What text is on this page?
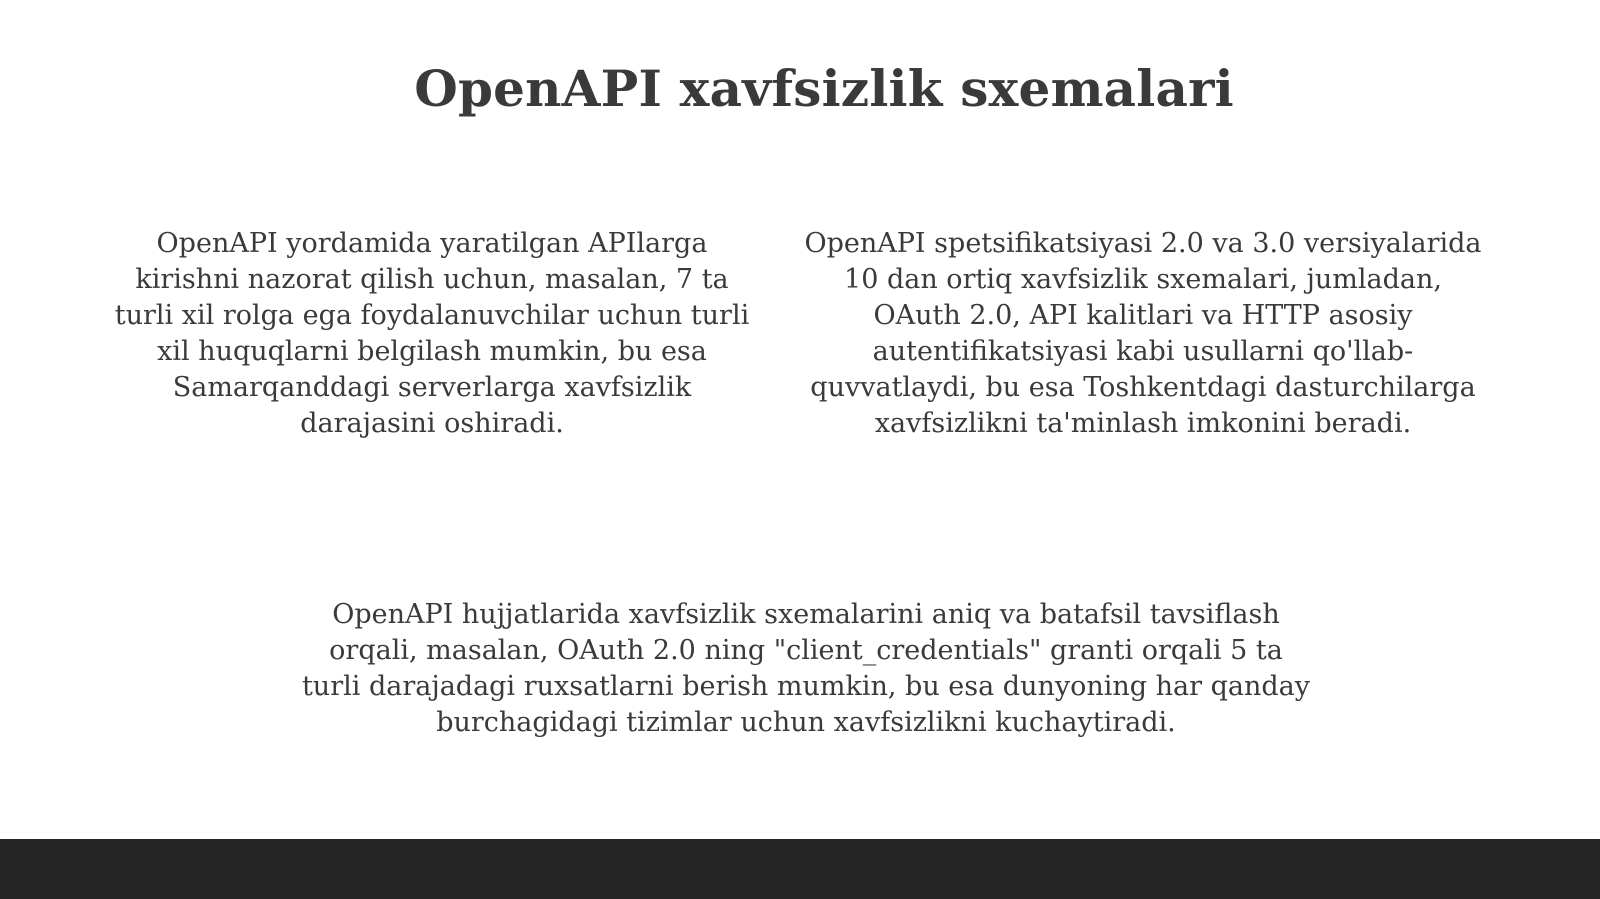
OpenAPI xavfsizlik sxemalari

OpenAPI yordamida yaratilgan APIlarga kirishni nazorat qilish uchun, masalan, 7 ta turli xil rolga ega foydalanuvchilar uchun turli xil huquqlarni belgilash mumkin, bu esa Samarqanddagi serverlarga xavfsizlik darajasini oshiradi.

OpenAPI spetsifikatsiyasi 2.0 va 3.0 versiyalarida 10 dan ortiq xavfsizlik sxemalari, jumladan, OAuth 2.0, API kalitlari va HTTP asosiy autentifikatsiyasi kabi usullarni qo'llab-quvvatlaydi, bu esa Toshkentdagi dasturchilarga xavfsizlikni ta'minlash imkonini beradi.

OpenAPI hujjatlarida xavfsizlik sxemalarini aniq va batafsil tavsiflash orqali, masalan, OAuth 2.0 ning "client_credentials" granti orqali 5 ta turli darajadagi ruxsatlarni berish mumkin, bu esa dunyoning har qanday burchagidagi tizimlar uchun xavfsizlikni kuchaytiradi.
